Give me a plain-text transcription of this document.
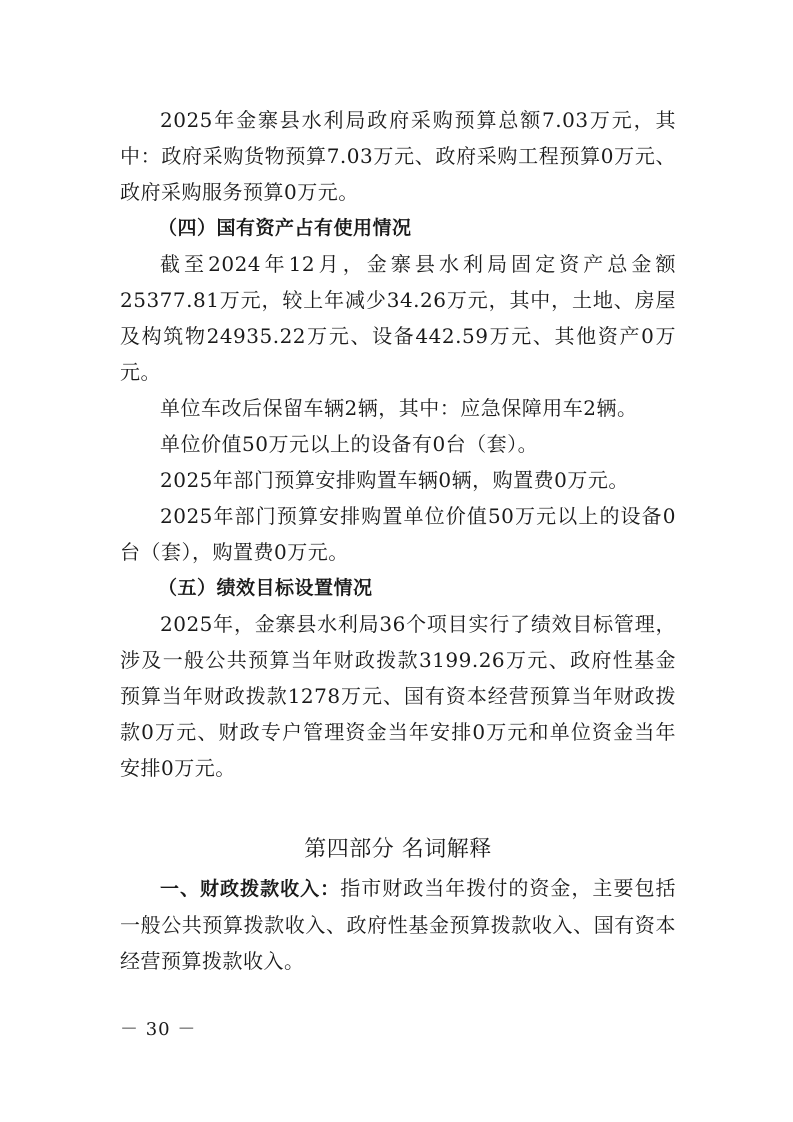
2025年金寨县水利局政府采购预算总额7.03万元，其中：政府采购货物预算7.03万元、政府采购工程预算0万元、政府采购服务预算0万元。

（四）国有资产占有使用情况

截至2024年12月，金寨县水利局固定资产总金额25377.81万元，较上年减少34.26万元，其中，土地、房屋及构筑物24935.22万元、设备442.59万元、其他资产0万元。

单位车改后保留车辆2辆，其中：应急保障用车2辆。

单位价值50万元以上的设备有0台（套）。

2025年部门预算安排购置车辆0辆，购置费0万元。

2025年部门预算安排购置单位价值50万元以上的设备0台（套），购置费0万元。

（五）绩效目标设置情况

2025年，金寨县水利局36个项目实行了绩效目标管理，涉及一般公共预算当年财政拨款3199.26万元、政府性基金预算当年财政拨款1278万元、国有资本经营预算当年财政拨款0万元、财政专户管理资金当年安排0万元和单位资金当年安排0万元。

第四部分 名词解释

一、财政拨款收入：指市财政当年拨付的资金，主要包括一般公共预算拨款收入、政府性基金预算拨款收入、国有资本经营预算拨款收入。

－ 30 －
